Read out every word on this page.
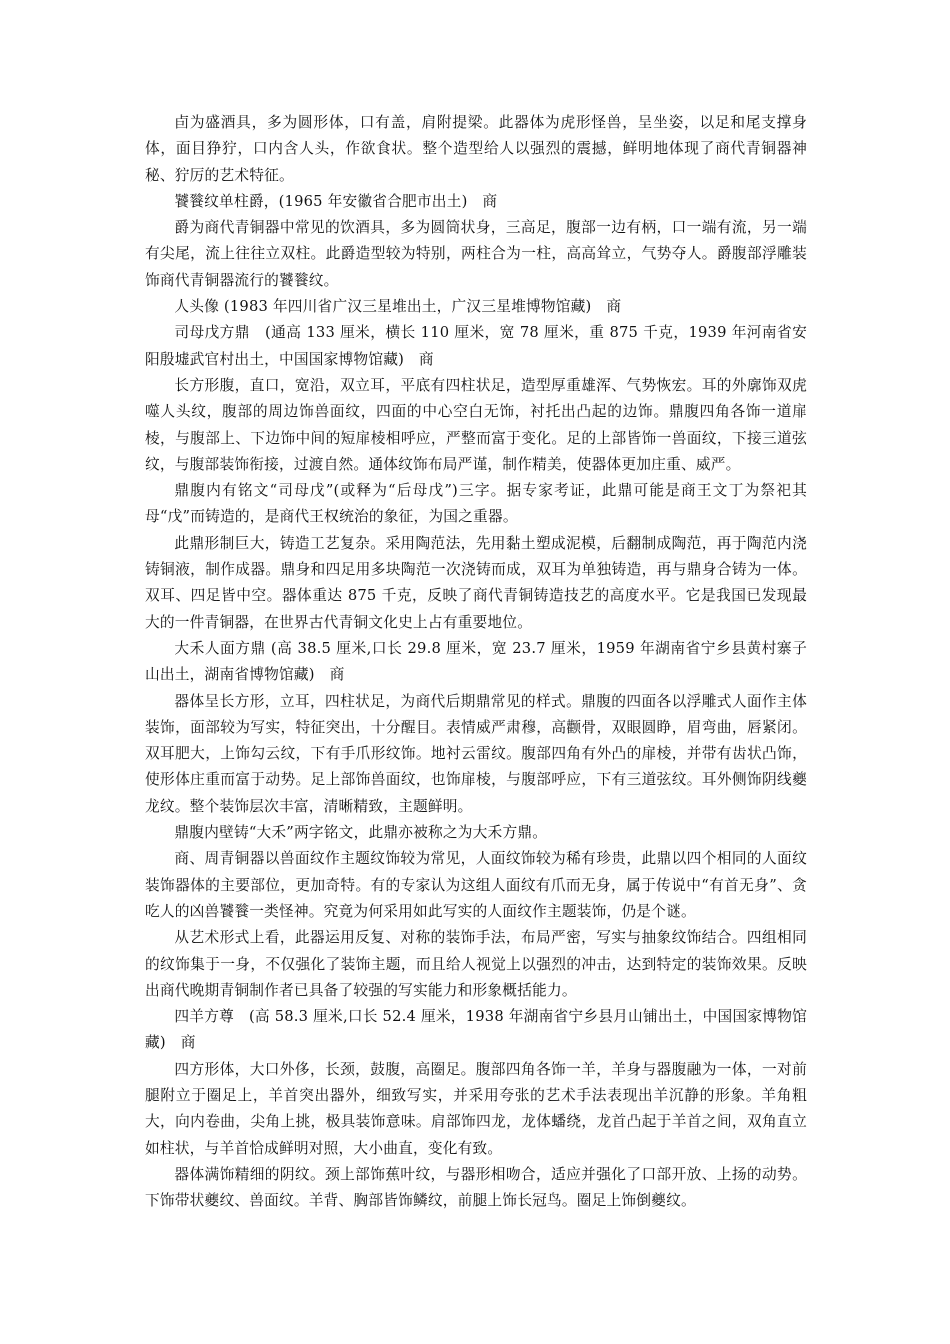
卣为盛酒具，多为圆形体，口有盖，肩附提梁。此器体为虎形怪兽，呈坐姿，以足和尾支撑身体，面目狰狞，口内含人头，作欲食状。整个造型给人以强烈的震撼，鲜明地体现了商代青铜器神秘、狞厉的艺术特征。

饕餮纹单柱爵，(1965 年安徽省合肥市出土)　商

爵为商代青铜器中常见的饮酒具，多为圆筒状身，三高足，腹部一边有柄，口一端有流，另一端有尖尾，流上往往立双柱。此爵造型较为特别，两柱合为一柱，高高耸立，气势夺人。爵腹部浮雕装饰商代青铜器流行的饕餮纹。

人头像 (1983 年四川省广汉三星堆出土，广汉三星堆博物馆藏)　商

司母戊方鼎　(通高 133 厘米，横长 110 厘米，宽 78 厘米，重 875 千克，1939 年河南省安阳殷墟武官村出土，中国国家博物馆藏)　商

长方形腹，直口，宽沿，双立耳，平底有四柱状足，造型厚重雄浑、气势恢宏。耳的外廓饰双虎噬人头纹，腹部的周边饰兽面纹，四面的中心空白无饰，衬托出凸起的边饰。鼎腹四角各饰一道扉棱，与腹部上、下边饰中间的短扉棱相呼应，严整而富于变化。足的上部皆饰一兽面纹，下接三道弦纹，与腹部装饰衔接，过渡自然。通体纹饰布局严谨，制作精美，使器体更加庄重、威严。

鼎腹内有铭文“司母戊”(或释为“后母戊”)三字。据专家考证，此鼎可能是商王文丁为祭祀其母“戊”而铸造的，是商代王权统治的象征，为国之重器。

此鼎形制巨大，铸造工艺复杂。采用陶范法，先用黏土塑成泥模，后翻制成陶范，再于陶范内浇铸铜液，制作成器。鼎身和四足用多块陶范一次浇铸而成，双耳为单独铸造，再与鼎身合铸为一体。双耳、四足皆中空。器体重达 875 千克，反映了商代青铜铸造技艺的高度水平。它是我国已发现最大的一件青铜器，在世界古代青铜文化史上占有重要地位。

大禾人面方鼎 (高 38.5 厘米,口长 29.8 厘米，宽 23.7 厘米，1959 年湖南省宁乡县黄村寨子山出土，湖南省博物馆藏)　商

器体呈长方形，立耳，四柱状足，为商代后期鼎常见的样式。鼎腹的四面各以浮雕式人面作主体装饰，面部较为写实，特征突出，十分醒目。表情威严肃穆，高颧骨，双眼圆睁，眉弯曲，唇紧闭。双耳肥大，上饰勾云纹，下有手爪形纹饰。地衬云雷纹。腹部四角有外凸的扉棱，并带有齿状凸饰，使形体庄重而富于动势。足上部饰兽面纹，也饰扉棱，与腹部呼应，下有三道弦纹。耳外侧饰阴线夔龙纹。整个装饰层次丰富，清晰精致，主题鲜明。

鼎腹内壁铸“大禾”两字铭文，此鼎亦被称之为大禾方鼎。

商、周青铜器以兽面纹作主题纹饰较为常见，人面纹饰较为稀有珍贵，此鼎以四个相同的人面纹装饰器体的主要部位，更加奇特。有的专家认为这组人面纹有爪而无身，属于传说中“有首无身”、贪吃人的凶兽饕餮一类怪神。究竟为何采用如此写实的人面纹作主题装饰，仍是个谜。

从艺术形式上看，此器运用反复、对称的装饰手法，布局严密，写实与抽象纹饰结合。四组相同的纹饰集于一身，不仅强化了装饰主题，而且给人视觉上以强烈的冲击，达到特定的装饰效果。反映出商代晚期青铜制作者已具备了较强的写实能力和形象概括能力。

四羊方尊　(高 58.3 厘米,口长 52.4 厘米，1938 年湖南省宁乡县月山铺出土，中国国家博物馆藏)　商

四方形体，大口外侈，长颈，鼓腹，高圈足。腹部四角各饰一羊，羊身与器腹融为一体，一对前腿附立于圈足上，羊首突出器外，细致写实，并采用夸张的艺术手法表现出羊沉静的形象。羊角粗大，向内卷曲，尖角上挑，极具装饰意味。肩部饰四龙，龙体蟠绕，龙首凸起于羊首之间，双角直立如柱状，与羊首恰成鲜明对照，大小曲直，变化有致。

器体满饰精细的阴纹。颈上部饰蕉叶纹，与器形相吻合，适应并强化了口部开放、上扬的动势。下饰带状夔纹、兽面纹。羊背、胸部皆饰鳞纹，前腿上饰长冠鸟。圈足上饰倒夔纹。
